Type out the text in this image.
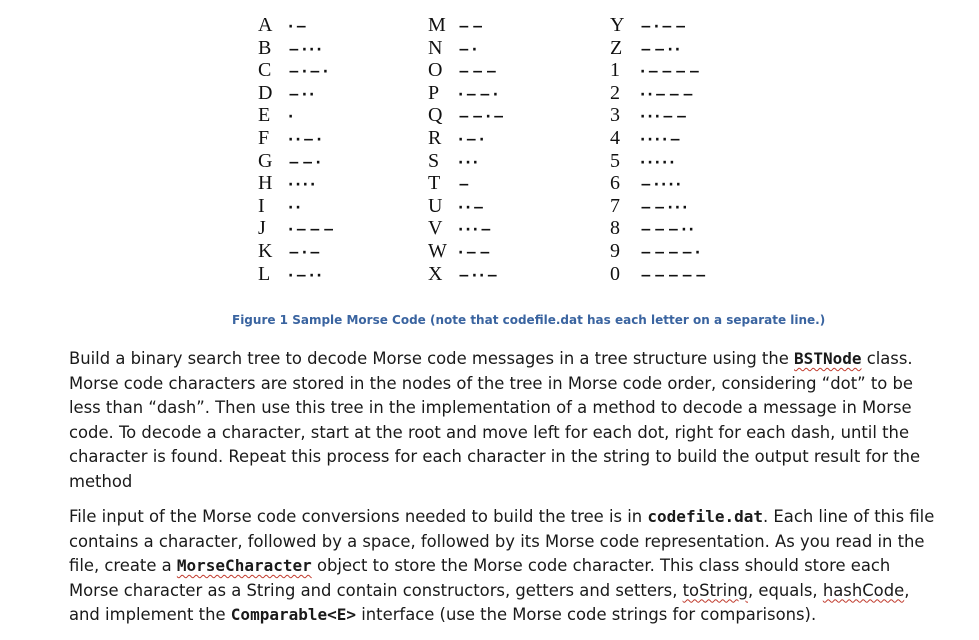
A ·−
B −···
C −·−·
D −··
E ·
F ··−·
G −−·
H ····
I ··
J ·−−−
K −·−
L ·−··
M −−
N −·
O −−−
P ·−−·
Q −−·−
R ·−·
S ···
T −
U ··−
V ···−
W ·−−
X −··−
Y −·−−
Z −−··
1 ·−−−−
2 ··−−−
3 ···−−
4 ····−
5 ·····
6 −····
7 −−···
8 −−−··
9 −−−−·
0 −−−−−
Figure 1 Sample Morse Code (note that codefile.dat has each letter on a separate line.)
Build a binary search tree to decode Morse code messages in a tree structure using the BSTNode class. Morse code characters are stored in the nodes of the tree in Morse code order, considering “dot” to be less than “dash”. Then use this tree in the implementation of a method to decode a message in Morse code. To decode a character, start at the root and move left for each dot, right for each dash, until the character is found. Repeat this process for each character in the string to build the output result for the method
File input of the Morse code conversions needed to build the tree is in codefile.dat. Each line of this file contains a character, followed by a space, followed by its Morse code representation. As you read in the file, create a MorseCharacter object to store the Morse code character. This class should store each Morse character as a String and contain constructors, getters and setters, toString, equals, hashCode, and implement the Comparable<E> interface (use the Morse code strings for comparisons).
